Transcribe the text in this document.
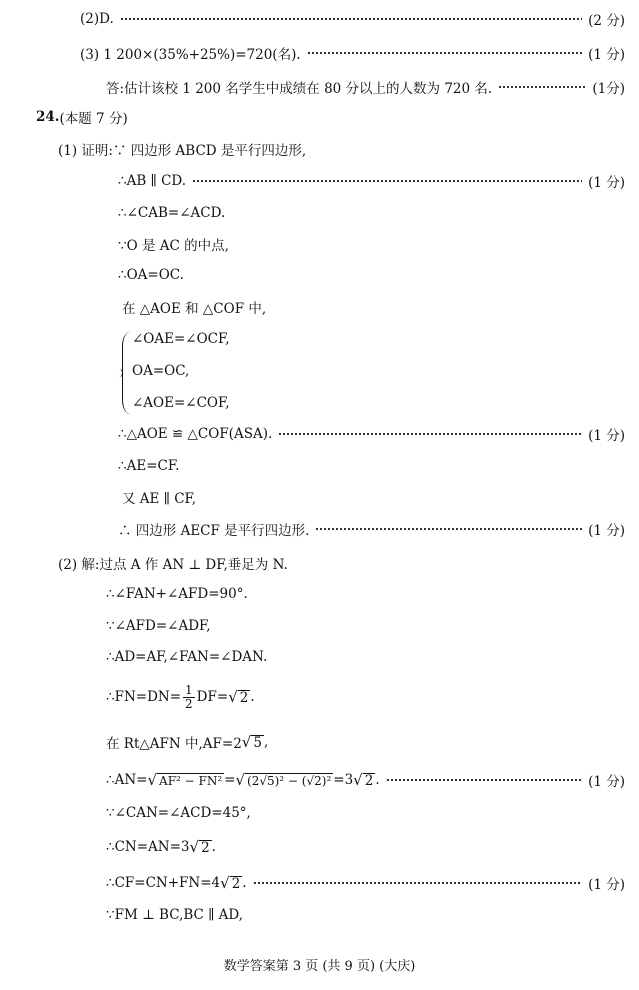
(2)D.	(2 分)
(3) 1 200×(35%+25%)=720(名).	(1 分)
答:估计该校 1 200 名学生中成绩在 80 分以上的人数为 720 名.	(1分)
24. (本题 7 分)
(1) 证明:∵ 四边形 ABCD 是平行四边形,
∴AB ∥ CD.	(1 分)
∴∠CAB=∠ACD.
∵O 是 AC 的中点,
∴OA=OC.
在 △AOE 和 △COF 中,
∠OAE=∠OCF,
OA=OC,
∠AOE=∠COF,
∴△AOE ≌ △COF(ASA).	(1 分)
∴AE=CF.
又 AE ∥ CF,
∴ 四边形 AECF 是平行四边形.	(1 分)
(2) 解:过点 A 作 AN ⊥ DF,垂足为 N.
∴∠FAN+∠AFD=90°.
∵∠AFD=∠ADF,
∴AD=AF,∠FAN=∠DAN.
∴FN=DN= $\frac{1}{2} DF=$ √ 2 .
在 Rt△AFN 中,AF=2 √ 5 ,
∴AN= √ AF² − FN² = √ (2√5)² − (√2)² =3 √ 2 .	(1 分)
∵∠CAN=∠ACD=45°,
∴CN=AN=3 √ 2 .
∴CF=CN+FN=4 √ 2 .	(1 分)
∵FM ⊥ BC,BC ∥ AD,
数学答案第 3 页 (共 9 页) (大庆)
